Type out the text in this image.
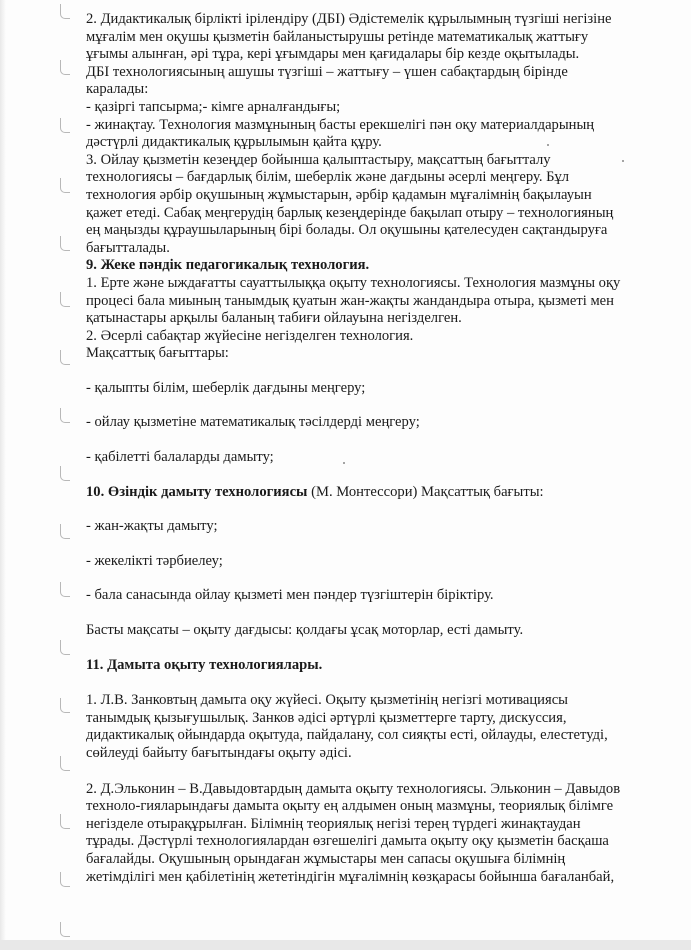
2. Дидактикалық бірлікті ірілендіру (ДБІ) Әдістемелік құрылымның түзгіші негізіне

мұғалім мен оқушы қызметін байланыстырушы ретінде математикалық жаттығу

ұғымы алынған, әрі тұра, кері ұғымдары мен қағидалары бір кезде оқытылады.

ДБІ технологиясының ашушы түзгіші – жаттығу – үшен сабақтардың бірінде

каралады:

- қазіргі тапсырма;- кімге арналғандығы;

- жинақтау. Технология мазмұнының басты ерекшелігі пән оқу материалдарының

дәстүрлі дидактикалық құрылымын қайта құру.

3. Ойлау қызметін кезеңдер бойынша қалыптастыру, мақсаттың бағытталу

технологиясы – бағдарлық білім, шеберлік және дағдыны әсерлі меңгеру. Бұл

технология әрбір оқушының жұмыстарын, әрбір қадамын мұғалімнің бақылауын

қажет етеді. Сабақ меңгерудің барлық кезеңдерінде бақылап отыру – технологияның

ең маңызды құраушыларының бірі болады. Ол оқушыны қателесуден сақтандыруға

бағытталады.

9. Жеке пәндік педагогикалық технология.

1. Ерте және ыждағатты сауаттылыққа оқыту технологиясы. Технология мазмұны оқу

процесі бала миының танымдық қуатын жан-жақты жандандыра отыра, қызметі мен

қатынастары арқылы баланың табиғи ойлауына негізделген.

2. Әсерлі сабақтар жүйесіне негізделген технология.

Мақсаттық бағыттары:

- қалыпты білім, шеберлік дағдыны меңгеру;

- ойлау қызметіне математикалық тәсілдерді меңгеру;

- қабілетті балаларды дамыту;

10. Өзіндік дамыту технологиясы (М. Монтессори) Мақсаттық бағыты:

- жан-жақты дамыту;

- жекелікті тәрбиелеу;

- бала санасында ойлау қызметі мен пәндер түзгіштерін біріктіру.

Басты мақсаты – оқыту дағдысы: қолдағы ұсақ моторлар, есті дамыту.

11. Дамыта оқыту технологиялары.

1. Л.В. Занковтың дамыта оқу жүйесі. Оқыту қызметінің негізгі мотивациясы

танымдық қызығушылық. Занков әдісі әртүрлі қызметтерге тарту, дискуссия,

дидактикалық ойындарда оқытуда, пайдалану, сол сияқты есті, ойлауды, елестетуді,

сөйлеуді байыту бағытындағы оқыту әдісі.

2. Д.Эльконин – В.Давыдовтардың дамыта оқыту технологиясы. Эльконин – Давыдов

техноло-гияларындағы дамыта оқыту ең алдымен оның мазмұны, теориялық білімге

негізделе отырақұрылған. Білімнің теориялық негізі терең түрдегі жинақтаудан

тұрады. Дәстүрлі технологиялардан өзгешелігі дамыта оқыту оқу қызметін басқаша

бағалайды. Оқушының орындаған жұмыстары мен сапасы оқушыға білімнің

жетімділігі мен қабілетінің жететіндігін мұғалімнің көзқарасы бойынша бағаланбай,
